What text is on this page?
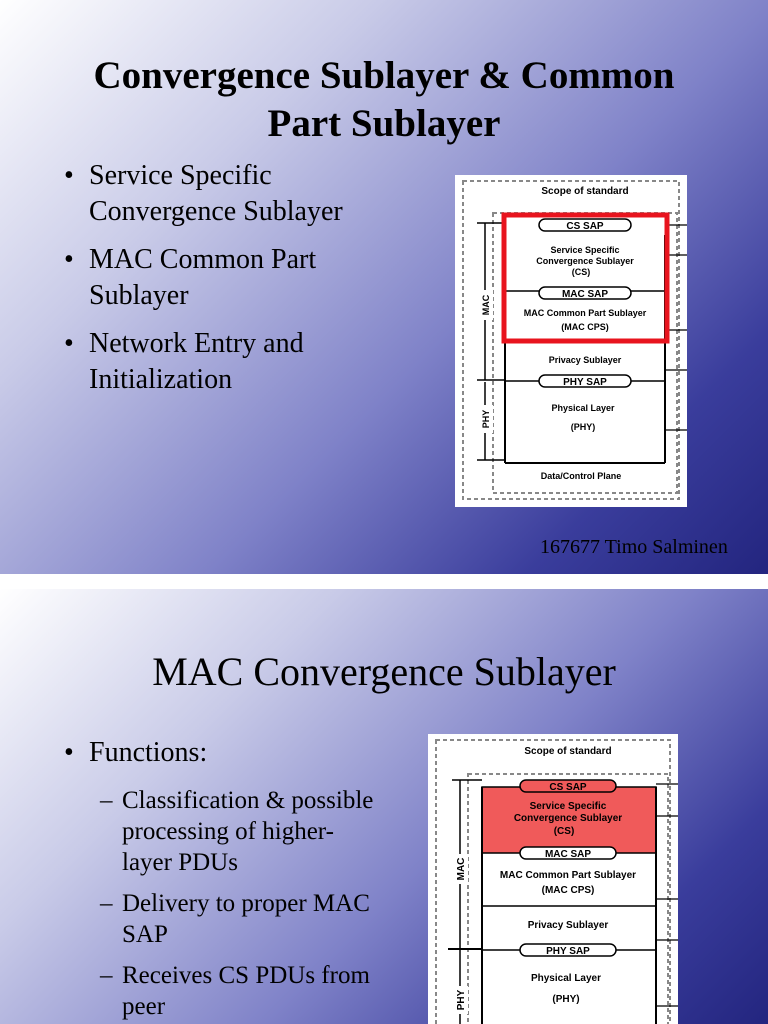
Convergence Sublayer & Common
Part Sublayer
• Service Specific Convergence Sublayer
• MAC Common Part Sublayer
• Network Entry and Initialization
Scope of standard
CS SAP
MAC SAP
PHY SAP
Service Specific
Convergence Sublayer
(CS)
MAC Common Part Sublayer
(MAC CPS)
Privacy Sublayer
Physical Layer
(PHY)
Data/Control Plane
MAC
PHY
167677 Timo Salminen
MAC Convergence Sublayer
• Functions:
– Classification & possible processing of higher-layer PDUs
– Delivery to proper MAC SAP
– Receives CS PDUs from peer
Scope of standard
CS SAP
MAC SAP
PHY SAP
Service Specific
Convergence Sublayer
(CS)
MAC Common Part Sublayer
(MAC CPS)
Privacy Sublayer
Physical Layer
(PHY)
MAC
PHY
